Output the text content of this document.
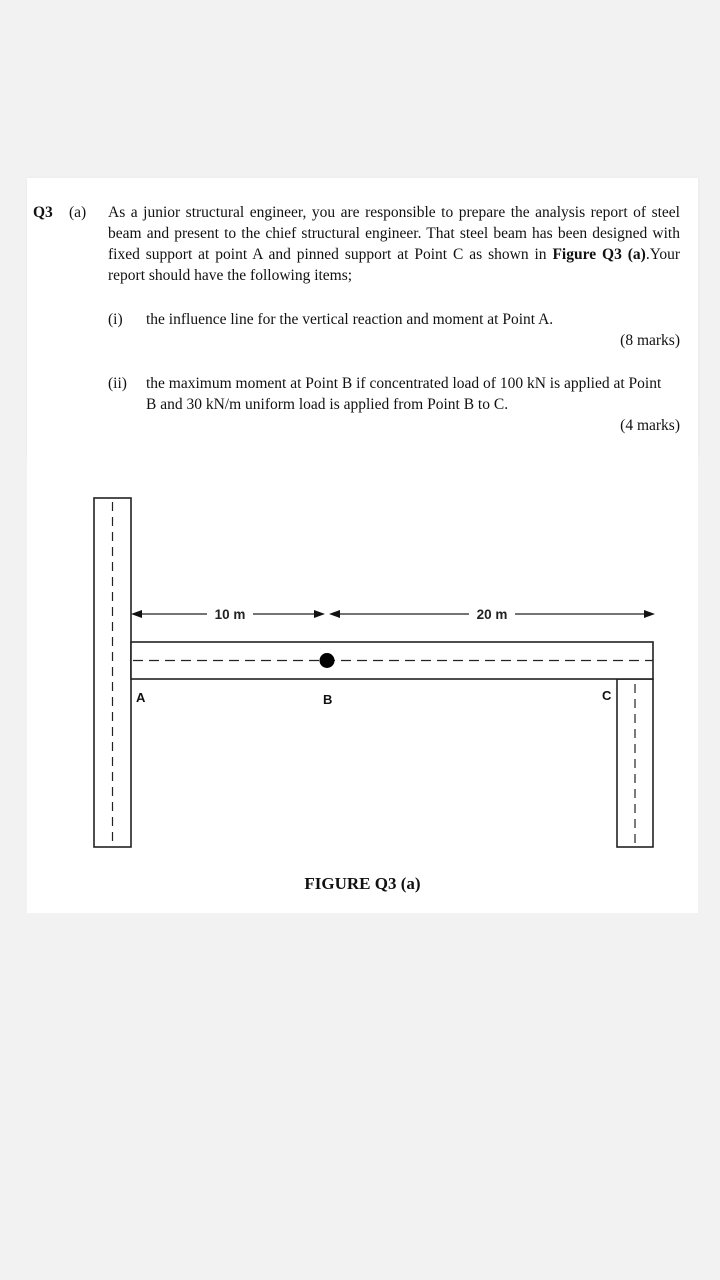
Q3 (a) As a junior structural engineer, you are responsible to prepare the analysis report of steel beam and present to the chief structural engineer. That steel beam has been designed with fixed support at point A and pinned support at Point C as shown in Figure Q3 (a).Your report should have the following items;
(i) the influence line for the vertical reaction and moment at Point A.
(8 marks)
(ii) the maximum moment at Point B if concentrated load of 100 kN is applied at Point B and 30 kN/m uniform load is applied from Point B to C.
(4 marks)
10 m	20 m
A	B	C
FIGURE Q3 (a)
